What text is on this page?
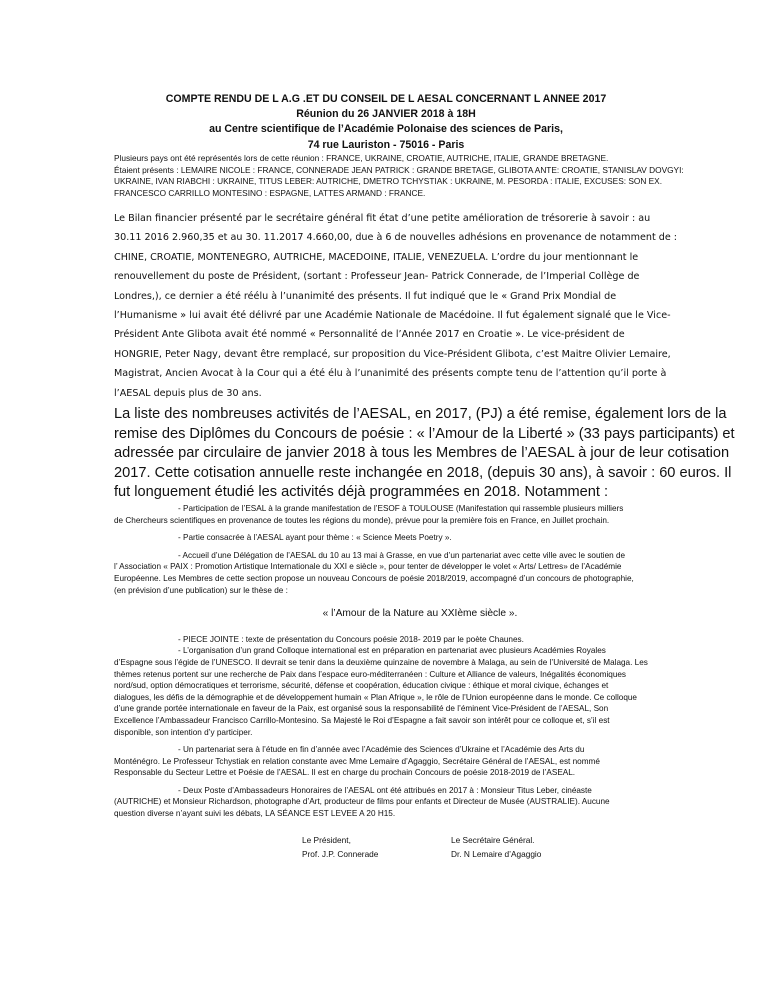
COMPTE RENDU DE L A.G .ET DU CONSEIL DE L AESAL CONCERNANT L ANNEE 2017
Réunion du 26 JANVIER 2018 à 18H
au Centre scientifique de l’Académie Polonaise des sciences de Paris,
74 rue Lauriston - 75016 - Paris
Plusieurs pays ont été représentés lors de cette réunion : FRANCE, UKRAINE, CROATIE, AUTRICHE, ITALIE, GRANDE BRETAGNE.
Étaient présents : LEMAIRE NICOLE : FRANCE, CONNERADE JEAN PATRICK : GRANDE BRETAGE, GLIBOTA ANTE: CROATIE, STANISLAV DOVGYI:
UKRAINE, IVAN RIABCHI : UKRAINE, TITUS LEBER: AUTRICHE, DMETRO TCHYSTIAK : UKRAINE, M. PESORDA : ITALIE, EXCUSES: SON EX.
FRANCESCO CARRILLO MONTESINO : ESPAGNE, LATTES ARMAND : FRANCE.
Le Bilan financier présenté par le secrétaire général fit état d’une petite amélioration de trésorerie à savoir : au
30.11 2016 2.960,35 et au 30. 11.2017 4.660,00, due à 6 de nouvelles adhésions en provenance de notamment de :
CHINE, CROATIE, MONTENEGRO, AUTRICHE, MACEDOINE, ITALIE, VENEZUELA. L’ordre du jour mentionnant le
renouvellement du poste de Président, (sortant : Professeur Jean- Patrick Connerade, de l’Imperial Collège de
Londres,), ce dernier a été réélu à l’unanimité des présents. Il fut indiqué que le « Grand Prix Mondial de
l’Humanisme » lui avait été délivré par une Académie Nationale de Macédoine. Il fut également signalé que le Vice-
Président Ante Glibota avait été nommé « Personnalité de l’Année 2017 en Croatie ». Le vice-président de
HONGRIE, Peter Nagy, devant être remplacé, sur proposition du Vice-Président Glibota, c’est Maitre Olivier Lemaire,
Magistrat, Ancien Avocat à la Cour qui a été élu à l’unanimité des présents compte tenu de l’attention qu’il porte à
l’AESAL depuis plus de 30 ans.
La liste des nombreuses activités de l’AESAL, en 2017, (PJ) a été remise, également lors de la
remise des Diplômes du Concours de poésie : « l’Amour de la Liberté » (33 pays participants) et
adressée par circulaire de janvier 2018 à tous les Membres de l’AESAL à jour de leur cotisation
2017. Cette cotisation annuelle reste inchangée en 2018, (depuis 30 ans), à savoir : 60 euros. Il
fut longuement étudié les activités déjà programmées en 2018. Notamment :
- Participation de l’ESAL à la grande manifestation de l’ESOF à TOULOUSE (Manifestation qui rassemble plusieurs milliers
de Chercheurs scientifiques en provenance de toutes les régions du monde), prévue pour la première fois en France, en Juillet prochain.
- Partie consacrée à l’AESAL ayant pour thème : « Science Meets Poetry ».
- Accueil d’une Délégation de l’AESAL du 10 au 13 mai à Grasse, en vue d’un partenariat avec cette ville avec le soutien de
l’ Association « PAIX : Promotion Artistique Internationale du XXI e siècle », pour tenter de développer le volet « Arts/ Lettres» de l’Académie
Européenne. Les Membres de cette section propose un nouveau Concours de poésie 2018/2019, accompagné d’un concours de photographie,
(en prévision d’une publication) sur le thèse de :
« l’Amour de la Nature au XXIème siècle ».
- PIECE JOINTE : texte de présentation du Concours poésie 2018- 2019 par le poète Chaunes.
- L’organisation d’un grand Colloque international est en préparation en partenariat avec plusieurs Académies Royales
d’Espagne sous l’égide de l’UNESCO. Il devrait se tenir dans la deuxième quinzaine de novembre à Malaga, au sein de l’Université de Malaga. Les
thèmes retenus portent sur une recherche de Paix dans l’espace euro-méditerranéen : Culture et Alliance de valeurs, Inégalités économiques
nord/sud, option démocratiques et terrorisme, sécurité, défense et coopération, éducation civique : éthique et moral civique, échanges et
dialogues, les défis de la démographie et de développement humain « Plan Afrique », le rôle de l’Union européenne dans le monde. Ce colloque
d’une grande portée internationale en faveur de la Paix, est organisé sous la responsabilité de l’éminent Vice-Président de l’AESAL, Son
Excellence l’Ambassadeur Francisco Carrillo-Montesino. Sa Majesté le Roi d’Espagne a fait savoir son intérêt pour ce colloque et, s’il est
disponible, son intention d’y participer.
- Un partenariat sera à l’étude en fin d’année avec l’Académie des Sciences d’Ukraine et l’Académie des Arts du
Monténégro. Le Professeur Tchystiak en relation constante avec Mme Lemaire d’Agaggio, Secrétaire Général de l’AESAL, est nommé
Responsable du Secteur Lettre et Poésie de l’AESAL. Il est en charge du prochain Concours de poésie 2018-2019 de l’ASEAL.
- Deux Poste d’Ambassadeurs Honoraires de l’AESAL ont été attribués en 2017 à : Monsieur Titus Leber, cinéaste
(AUTRICHE) et Monsieur Richardson, photographe d’Art, producteur de films pour enfants et Directeur de Musée (AUSTRALIE). Aucune
question diverse n’ayant suivi les débats, LA SÉANCE EST LEVEE A 20 H15.
Le Président,
Prof. J.P. Connerade
Le Secrétaire Général.
Dr. N Lemaire d’Agaggio
